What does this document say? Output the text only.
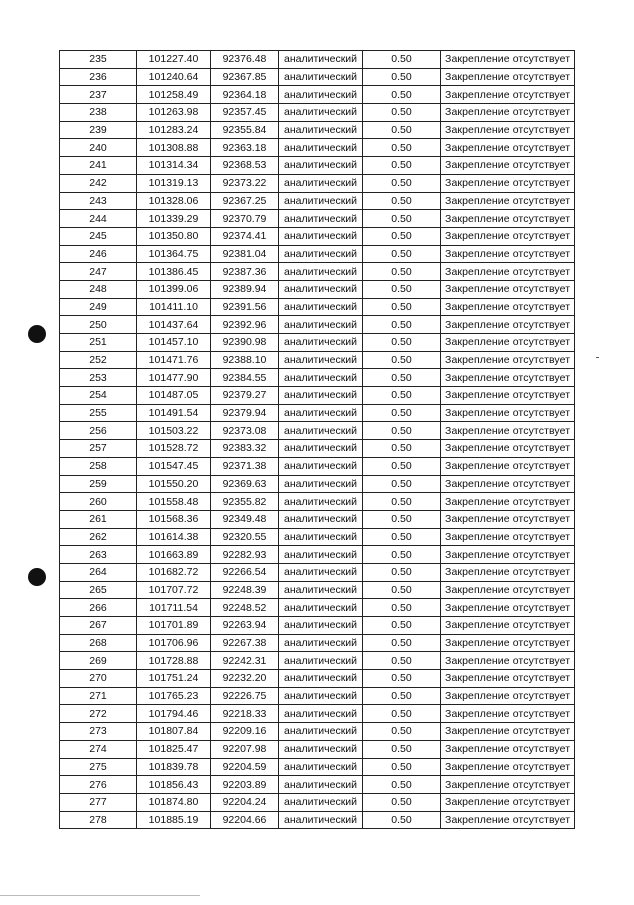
235	101227.40	92376.48	аналитический	0.50	Закрепление отсутствует
236	101240.64	92367.85	аналитический	0.50	Закрепление отсутствует
237	101258.49	92364.18	аналитический	0.50	Закрепление отсутствует
238	101263.98	92357.45	аналитический	0.50	Закрепление отсутствует
239	101283.24	92355.84	аналитический	0.50	Закрепление отсутствует
240	101308.88	92363.18	аналитический	0.50	Закрепление отсутствует
241	101314.34	92368.53	аналитический	0.50	Закрепление отсутствует
242	101319.13	92373.22	аналитический	0.50	Закрепление отсутствует
243	101328.06	92367.25	аналитический	0.50	Закрепление отсутствует
244	101339.29	92370.79	аналитический	0.50	Закрепление отсутствует
245	101350.80	92374.41	аналитический	0.50	Закрепление отсутствует
246	101364.75	92381.04	аналитический	0.50	Закрепление отсутствует
247	101386.45	92387.36	аналитический	0.50	Закрепление отсутствует
248	101399.06	92389.94	аналитический	0.50	Закрепление отсутствует
249	101411.10	92391.56	аналитический	0.50	Закрепление отсутствует
250	101437.64	92392.96	аналитический	0.50	Закрепление отсутствует
251	101457.10	92390.98	аналитический	0.50	Закрепление отсутствует
252	101471.76	92388.10	аналитический	0.50	Закрепление отсутствует
253	101477.90	92384.55	аналитический	0.50	Закрепление отсутствует
254	101487.05	92379.27	аналитический	0.50	Закрепление отсутствует
255	101491.54	92379.94	аналитический	0.50	Закрепление отсутствует
256	101503.22	92373.08	аналитический	0.50	Закрепление отсутствует
257	101528.72	92383.32	аналитический	0.50	Закрепление отсутствует
258	101547.45	92371.38	аналитический	0.50	Закрепление отсутствует
259	101550.20	92369.63	аналитический	0.50	Закрепление отсутствует
260	101558.48	92355.82	аналитический	0.50	Закрепление отсутствует
261	101568.36	92349.48	аналитический	0.50	Закрепление отсутствует
262	101614.38	92320.55	аналитический	0.50	Закрепление отсутствует
263	101663.89	92282.93	аналитический	0.50	Закрепление отсутствует
264	101682.72	92266.54	аналитический	0.50	Закрепление отсутствует
265	101707.72	92248.39	аналитический	0.50	Закрепление отсутствует
266	101711.54	92248.52	аналитический	0.50	Закрепление отсутствует
267	101701.89	92263.94	аналитический	0.50	Закрепление отсутствует
268	101706.96	92267.38	аналитический	0.50	Закрепление отсутствует
269	101728.88	92242.31	аналитический	0.50	Закрепление отсутствует
270	101751.24	92232.20	аналитический	0.50	Закрепление отсутствует
271	101765.23	92226.75	аналитический	0.50	Закрепление отсутствует
272	101794.46	92218.33	аналитический	0.50	Закрепление отсутствует
273	101807.84	92209.16	аналитический	0.50	Закрепление отсутствует
274	101825.47	92207.98	аналитический	0.50	Закрепление отсутствует
275	101839.78	92204.59	аналитический	0.50	Закрепление отсутствует
276	101856.43	92203.89	аналитический	0.50	Закрепление отсутствует
277	101874.80	92204.24	аналитический	0.50	Закрепление отсутствует
278	101885.19	92204.66	аналитический	0.50	Закрепление отсутствует
